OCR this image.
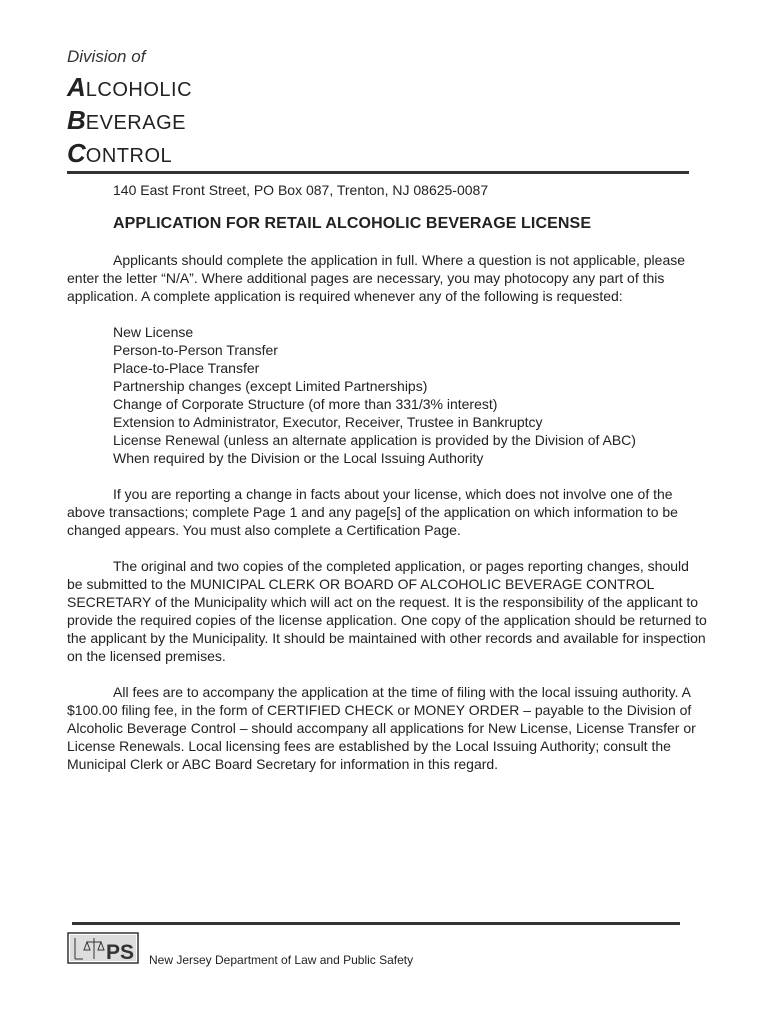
Division of
ALCOHOLIC
BEVERAGE
CONTROL
140 East Front Street, PO Box 087, Trenton, NJ 08625-0087
APPLICATION FOR RETAIL ALCOHOLIC BEVERAGE LICENSE

Applicants should complete the application in full. Where a question is not applicable, please enter the letter “N/A”. Where additional pages are necessary, you may photocopy any part of this application. A complete application is required whenever any of the following is requested:

New License
Person-to-Person Transfer
Place-to-Place Transfer
Partnership changes (except Limited Partnerships)
Change of Corporate Structure (of more than 331/3% interest)
Extension to Administrator, Executor, Receiver, Trustee in Bankruptcy
License Renewal (unless an alternate application is provided by the Division of ABC)
When required by the Division or the Local Issuing Authority

If you are reporting a change in facts about your license, which does not involve one of the above transactions; complete Page 1 and any page[s] of the application on which information to be changed appears. You must also complete a Certification Page.

The original and two copies of the completed application, or pages reporting changes, should be submitted to the MUNICIPAL CLERK OR BOARD OF ALCOHOLIC BEVERAGE CONTROL SECRETARY of the Municipality which will act on the request. It is the responsibility of the applicant to provide the required copies of the license application. One copy of the application should be returned to the applicant by the Municipality. It should be maintained with other records and available for inspection on the licensed premises.

All fees are to accompany the application at the time of filing with the local issuing authority. A $100.00 filing fee, in the form of CERTIFIED CHECK or MONEY ORDER – payable to the Division of Alcoholic Beverage Control – should accompany all applications for New License, License Transfer or License Renewals. Local licensing fees are established by the Local Issuing Authority; consult the Municipal Clerk or ABC Board Secretary for information in this regard.

PS New Jersey Department of Law and Public Safety
